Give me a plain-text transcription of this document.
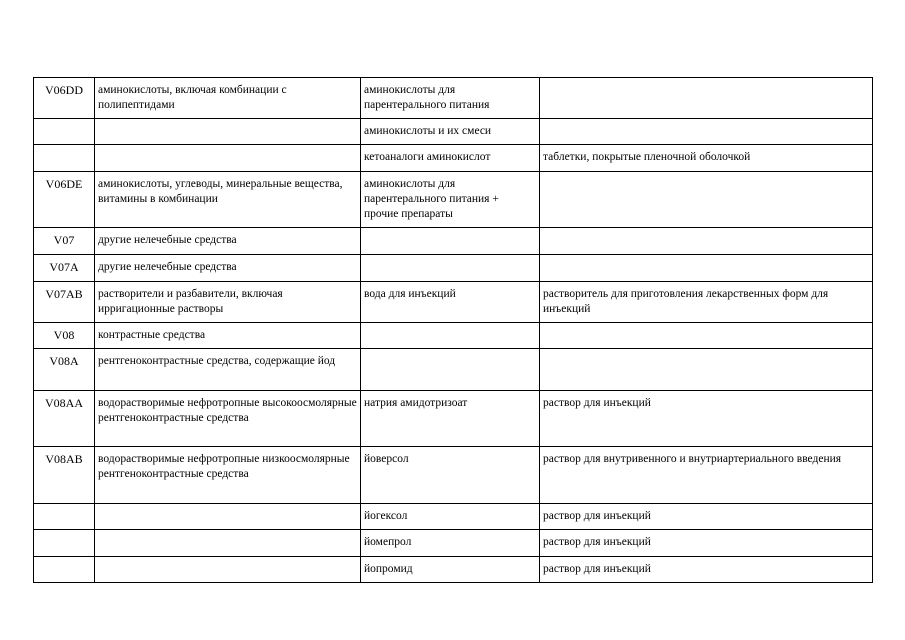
V06DD	аминокислоты, включая комбинации с полипептидами	аминокислоты для парентерального питания	
		аминокислоты и их смеси	
		кетоаналоги аминокислот	таблетки, покрытые пленочной оболочкой
V06DE	аминокислоты, углеводы, минеральные вещества, витамины в комбинации	аминокислоты для парентерального питания + прочие препараты	
V07	другие нелечебные средства		
V07A	другие нелечебные средства		
V07AB	растворители и разбавители, включая ирригационные растворы	вода для инъекций	растворитель для приготовления лекарственных форм для инъекций
V08	контрастные средства		
V08A	рентгеноконтрастные средства, содержащие йод		
V08AA	водорастворимые нефротропные высокоосмолярные рентгеноконтрастные средства	натрия амидотризоат	раствор для инъекций
V08AB	водорастворимые нефротропные низкоосмолярные рентгеноконтрастные средства	йоверсол	раствор для внутривенного и внутриартериального введения
		йогексол	раствор для инъекций
		йомепрол	раствор для инъекций
		йопромид	раствор для инъекций
